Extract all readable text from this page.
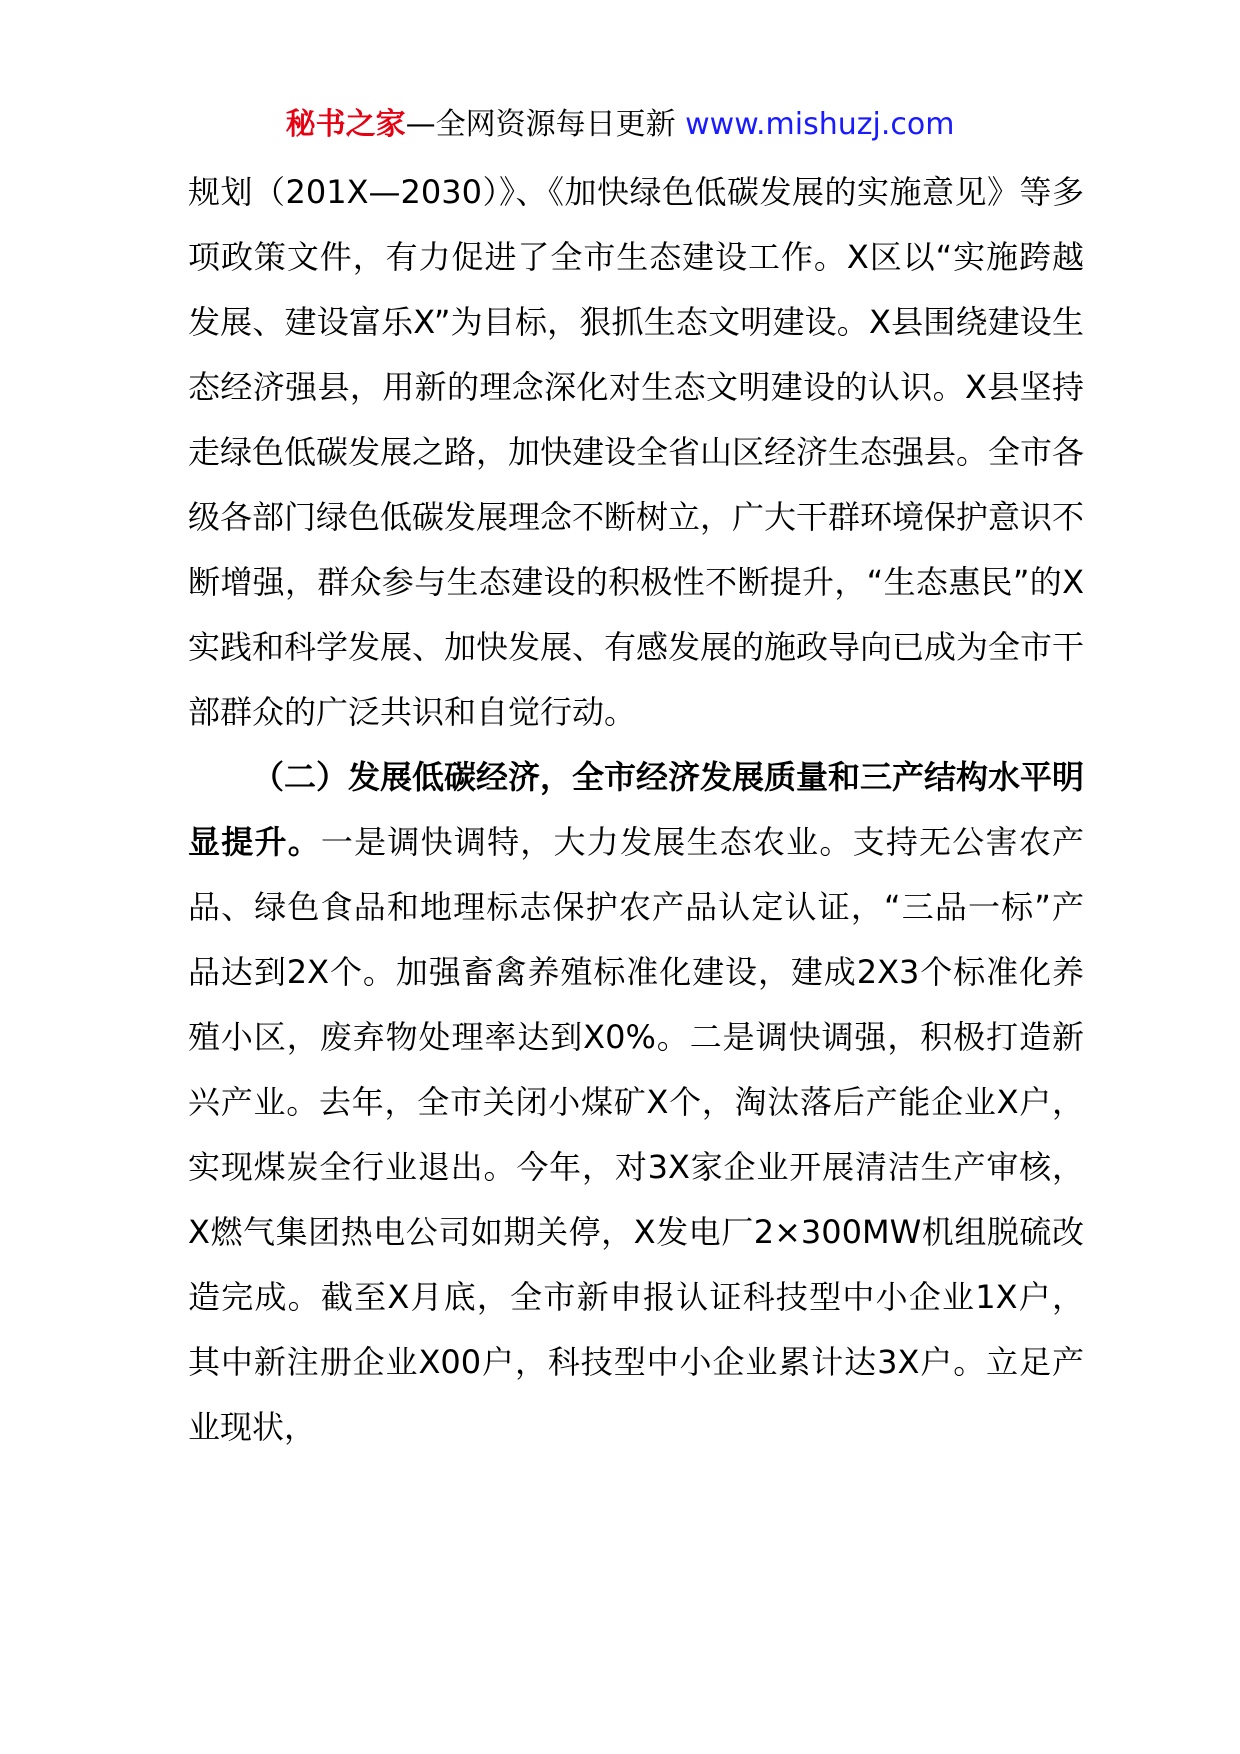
秘书之家—全网资源每日更新 www.mishuzj.com

规划（201X—2030）》、《加快绿色低碳发展的实施意见》等多项政策文件，有力促进了全市生态建设工作。X区以“实施跨越发展、建设富乐X”为目标，狠抓生态文明建设。X县围绕建设生态经济强县，用新的理念深化对生态文明建设的认识。X县坚持走绿色低碳发展之路，加快建设全省山区经济生态强县。全市各级各部门绿色低碳发展理念不断树立，广大干群环境保护意识不断增强，群众参与生态建设的积极性不断提升，“生态惠民”的X实践和科学发展、加快发展、有感发展的施政导向已成为全市干部群众的广泛共识和自觉行动。

（二）发展低碳经济，全市经济发展质量和三产结构水平明显提升。一是调快调特，大力发展生态农业。支持无公害农产品、绿色食品和地理标志保护农产品认定认证，“三品一标”产品达到2X个。加强畜禽养殖标准化建设，建成2X3个标准化养殖小区，废弃物处理率达到X0%。二是调快调强，积极打造新兴产业。去年，全市关闭小煤矿X个，淘汰落后产能企业X户，实现煤炭全行业退出。今年，对3X家企业开展清洁生产审核，X燃气集团热电公司如期关停，X发电厂2×300MW机组脱硫改造完成。截至X月底，全市新申报认证科技型中小企业1X户，其中新注册企业X00户，科技型中小企业累计达3X户。立足产业现状，
